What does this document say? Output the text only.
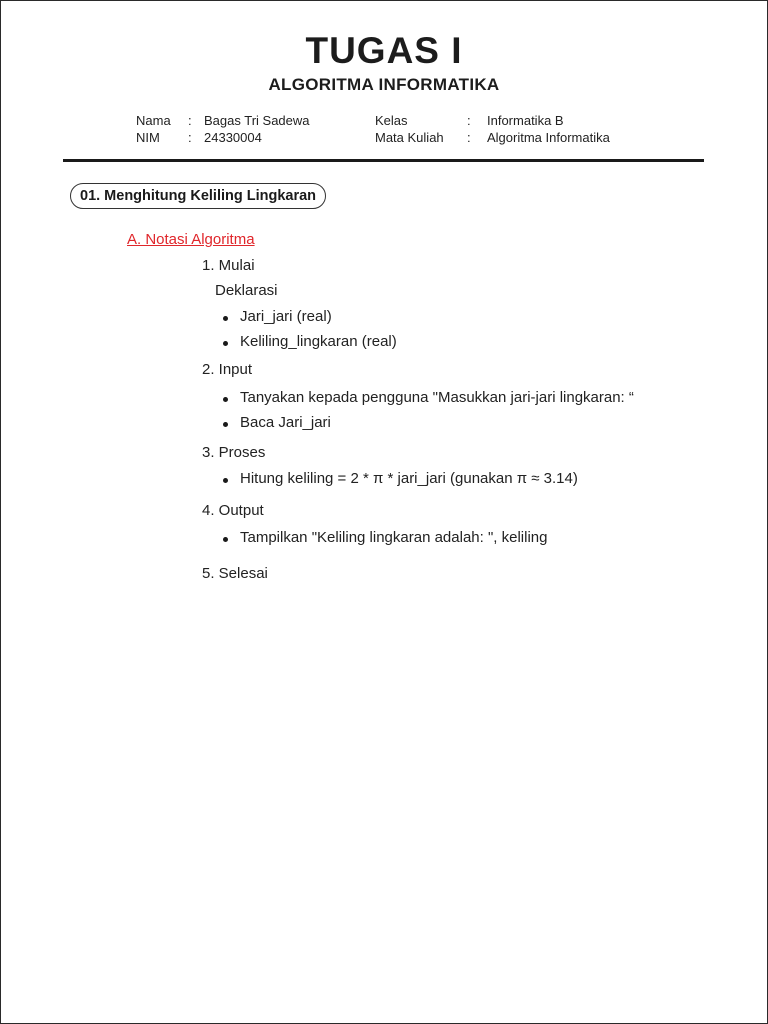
TUGAS I
ALGORITMA INFORMATIKA
Nama : Bagas Tri Sadewa
NIM : 24330004
Kelas	: Informatika B
Mata Kuliah : Algoritma Informatika
01. Menghitung Keliling Lingkaran
A. Notasi Algoritma
1. Mulai
Deklarasi
Jari_jari (real)
Keliling_lingkaran (real)
2. Input
Tanyakan kepada pengguna "Masukkan jari-jari lingkaran: “
Baca Jari_jari
3. Proses
Hitung keliling = 2 * π * jari_jari (gunakan π ≈ 3.14)
4. Output
Tampilkan "Keliling lingkaran adalah: ", keliling
5. Selesai
